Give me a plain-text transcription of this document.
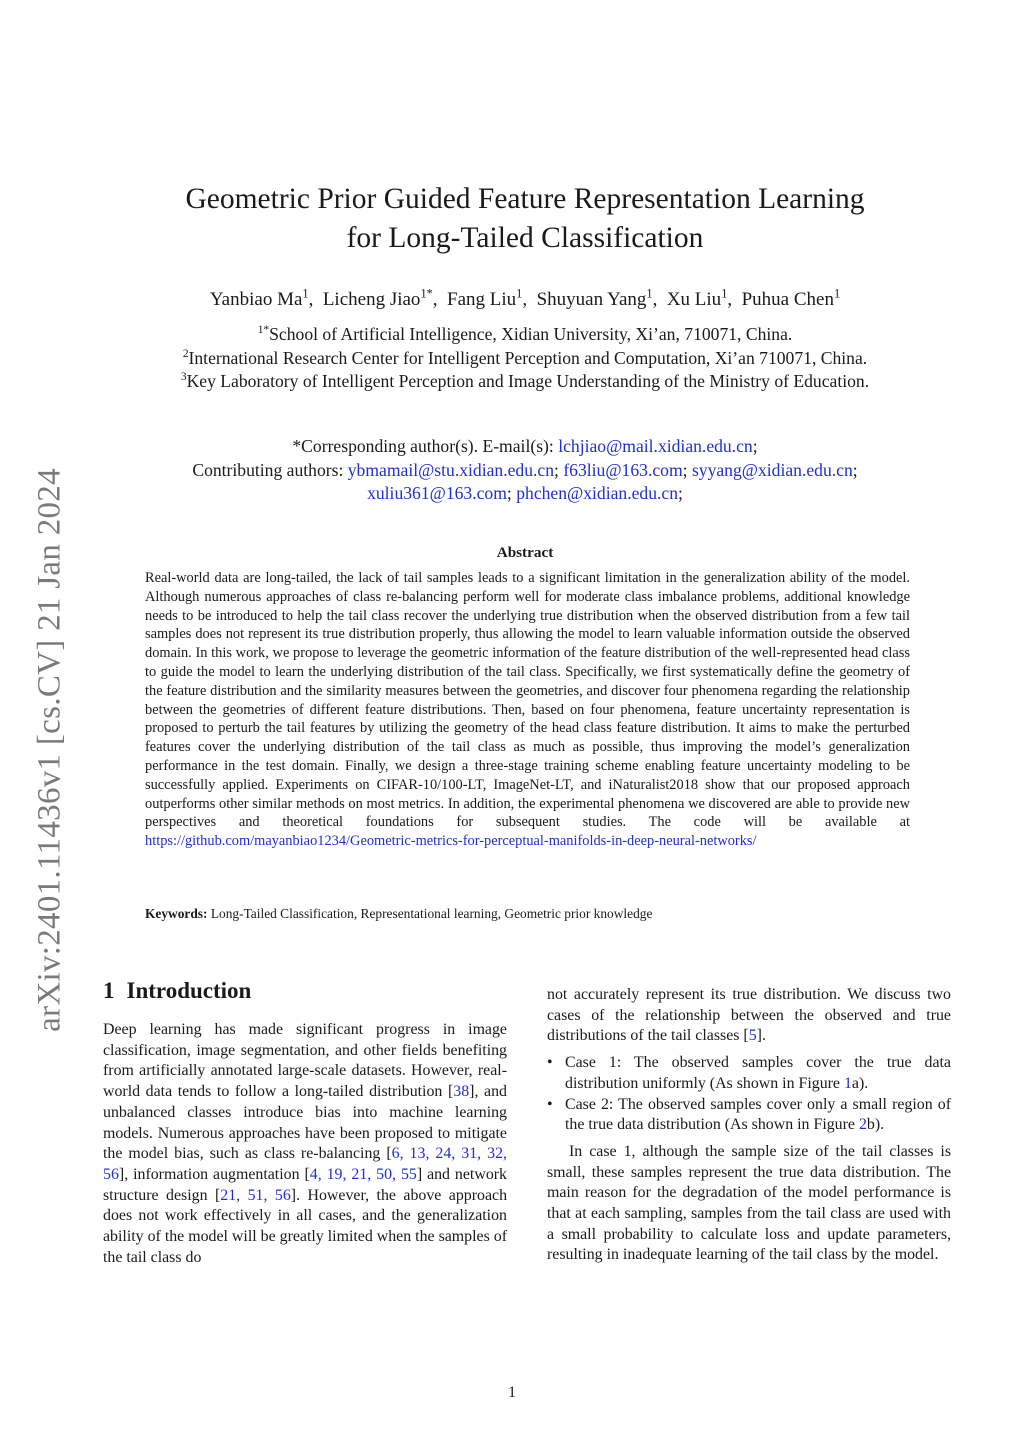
arXiv:2401.11436v1 [cs.CV] 21 Jan 2024
Geometric Prior Guided Feature Representation Learning
for Long-Tailed Classification
Yanbiao Ma$^1$,  Licheng Jiao$^{1*}$,  Fang Liu$^1$,  Shuyuan Yang$^1$,  Xu Liu$^1$,  Puhua Chen$^1$
$^{1*}$School of Artificial Intelligence, Xidian University, Xi’an, 710071, China.
$^2$International Research Center for Intelligent Perception and Computation, Xi’an 710071, China.
$^3$Key Laboratory of Intelligent Perception and Image Understanding of the Ministry of Education.
*Corresponding author(s). E-mail(s): lchjiao@mail.xidian.edu.cn;
Contributing authors: ybmamail@stu.xidian.edu.cn; f63liu@163.com; syyang@xidian.edu.cn;
xuliu361@163.com; phchen@xidian.edu.cn;
Abstract
Real-world data are long-tailed, the lack of tail samples leads to a significant limitation in the generalization ability of the model. Although numerous approaches of class re-balancing perform well for moderate class imbalance problems, additional knowledge needs to be introduced to help the tail class recover the underlying true distribution when the observed distribution from a few tail samples does not represent its true distribution properly, thus allowing the model to learn valuable information outside the observed domain. In this work, we propose to leverage the geometric information of the feature distribution of the well-represented head class to guide the model to learn the underlying distribution of the tail class. Specifically, we first systematically define the geometry of the feature distribution and the similarity measures between the geometries, and discover four phenomena regarding the relationship between the geometries of different feature distributions. Then, based on four phenomena, feature uncertainty representation is proposed to perturb the tail features by utilizing the geometry of the head class feature distribution. It aims to make the perturbed features cover the underlying distribution of the tail class as much as possible, thus improving the model’s generalization performance in the test domain. Finally, we design a three-stage training scheme enabling feature uncertainty modeling to be successfully applied. Experiments on CIFAR-10/100-LT, ImageNet-LT, and iNaturalist2018 show that our proposed approach outperforms other similar methods on most metrics. In addition, the experimental phenomena we discovered are able to provide new perspectives and theoretical foundations for subsequent studies. The code will be available at https://github.com/mayanbiao1234/Geometric-metrics-for-perceptual-manifolds-in-deep-neural-networks/
Keywords: Long-Tailed Classification, Representational learning, Geometric prior knowledge
1 Introduction
Deep learning has made significant progress in image classification, image segmentation, and other fields benefiting from artificially annotated large-scale datasets. However, real-world data tends to follow a long-tailed distribution [38], and unbalanced classes introduce bias into machine learning models. Numerous approaches have been proposed to mitigate the model bias, such as class re-balancing [6, 13, 24, 31, 32, 56], information augmentation [4, 19, 21, 50, 55] and network structure design [21, 51, 56]. However, the above approach does not work effectively in all cases, and the generalization ability of the model will be greatly limited when the samples of the tail class do

not accurately represent its true distribution. We discuss two cases of the relationship between the observed and true distributions of the tail classes [5].

• Case 1: The observed samples cover the true data distribution uniformly (As shown in Figure 1a).
• Case 2: The observed samples cover only a small region of the true data distribution (As shown in Figure 2b).

In case 1, although the sample size of the tail classes is small, these samples represent the true data distribution. The main reason for the degradation of the model performance is that at each sampling, samples from the tail class are used with a small probability to calculate loss and update parameters, resulting in inadequate learning of the tail class by the model.

1
